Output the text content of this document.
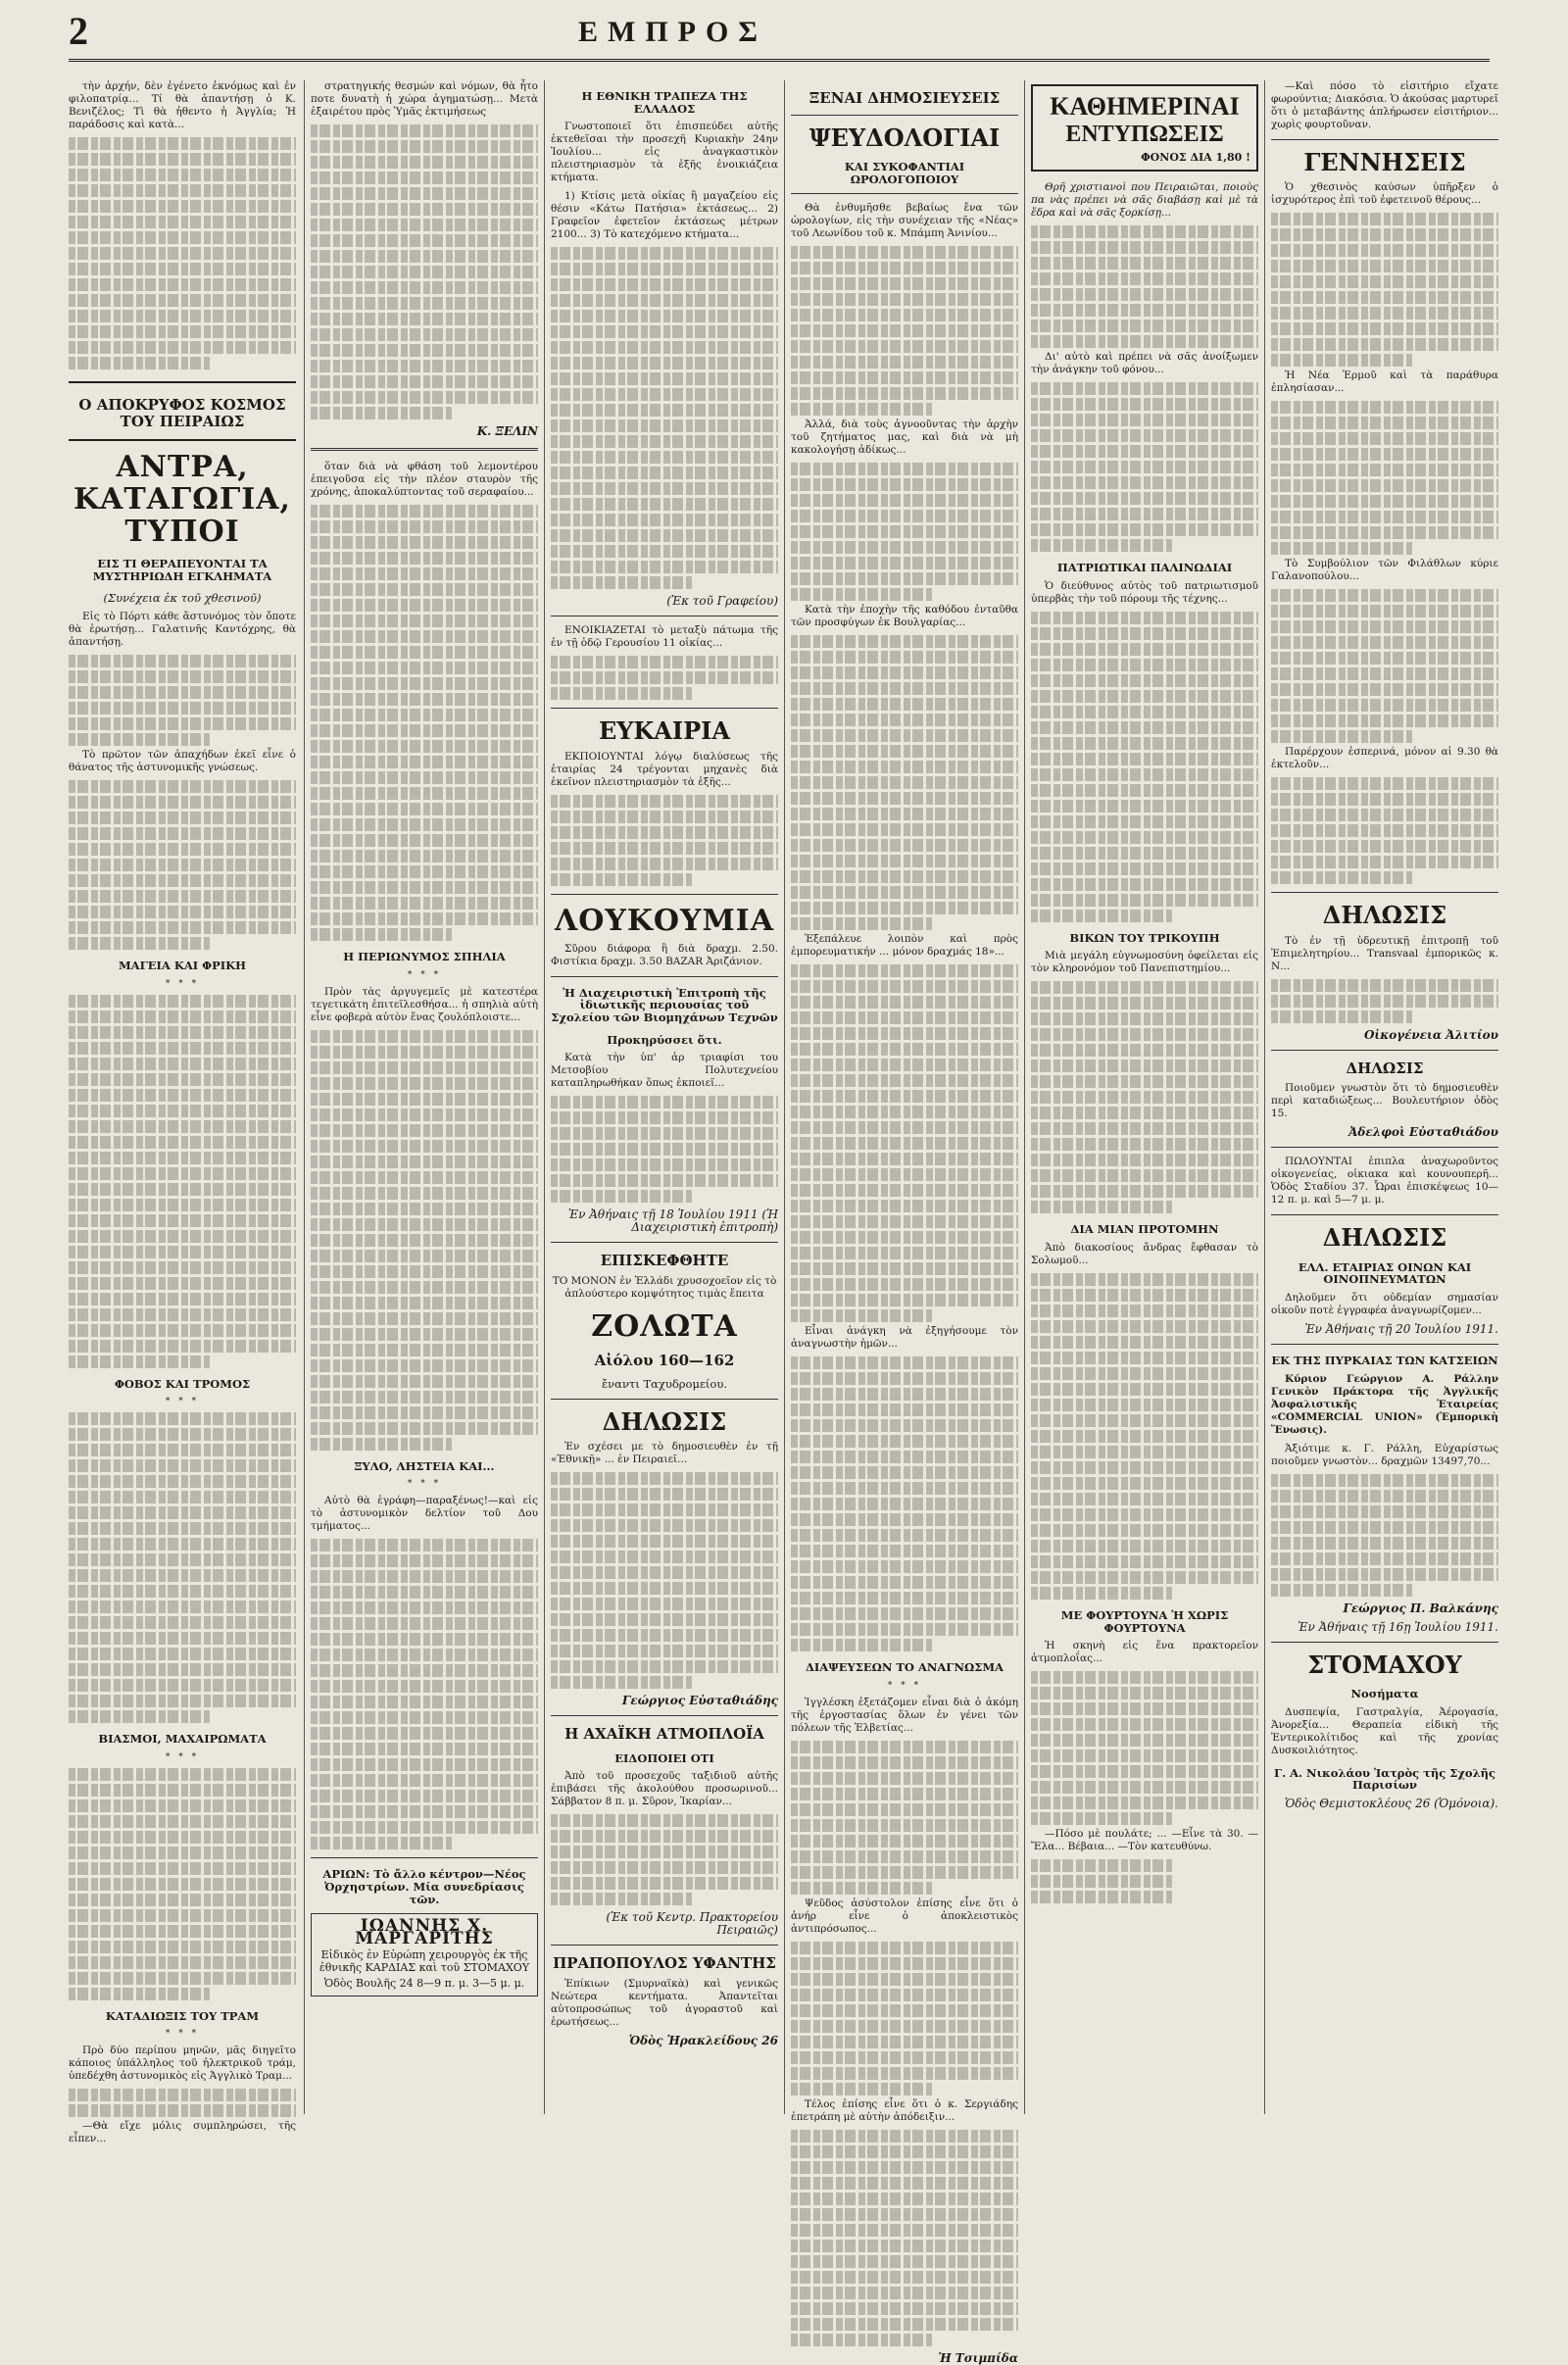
2	ΕΜΠΡΟΣ

τὴν ἀρχήν, δὲν ἐγένετο ἐκνόμως καὶ ἐν φιλοπατρίᾳ... Τί θὰ ἀπαντήσῃ ὁ Κ. Βενιζέλος; Τὶ θὰ ἠθεντο ἡ Ἀγγλία; Ἡ παράδοσις καὶ κατὰ...

Ο ΑΠΟΚΡΥΦΟΣ ΚΟΣΜΟΣ ΤΟΥ ΠΕΙΡΑΙΩΣ
ΑΝΤΡΑ, ΚΑΤΑΓΩΓΙΑ, ΤΥΠΟΙ
ΕΙΣ ΤΙ ΘΕΡΑΠΕΥΟΝΤΑΙ ΤΑ ΜΥΣΤΗΡΙΩΔΗ ΕΓΚΛΗΜΑΤΑ
(Συνέχεια ἐκ τοῦ χθεσινοῦ)

Εἰς τὸ Πόρτι κάθε ἄστυνόμος τὸν ὄποτε θὰ ἐρωτήσῃ... Γαλατινῆς Καντόχρης, θὰ ἀπαντήσῃ.

Τὸ πρῶτον τῶν ἀπαχήδων ἐκεῖ εἶνε ὁ θάνατος τῆς ἀστυνομικῆς γνώσεως.

ΜΑΓΕΙΑ ΚΑΙ ΦΡΙΚΗ
* * *
ΦΟΒΟΣ ΚΑΙ ΤΡΟΜΟΣ
* * *
ΒΙΑΣΜΟΙ, ΜΑΧΑΙΡΩΜΑΤΑ
* * *
ΚΑΤΑΔΙΩΞΙΣ ΤΟΥ ΤΡΑΜ
* * *

Πρὸ δύο περίπου μηνῶν, μᾶς διηγεῖτο κάποιος ὑπάλληλος τοῦ ἠλεκτρικοῦ τράμ, ὑπεδέχθη ἀστυνομικὸς εἰς Ἀγγλικὸ Τραμ...

—Θὰ εἴχε μόλις συμπληρώσει, τῆς εἶπεν...

στρατηγικής θεσμών καὶ νόμων, θὰ ἦτο ποτε δυνατὴ ἡ χώρα ἀγηματώσῃ... Μετὰ ἐξαιρέτου πρὸς Ὑμᾶς ἐκτιμήσεως

Κ. ΞΕΛΙΝ

ὅταν διὰ νὰ φθάση τοῦ λεμοντέρου ἐπειγοῦσα εἰς τὴν πλέον σταυρὸν τῆς χρόνης, ἀποκαλύπτοντας τοῦ σεραφαίου...

Η ΠΕΡΙΩΝΥΜΟΣ ΣΠΗΛΙΑ
* * *

Πρὸν τὰς ἀργυγεμεῖς μὲ κατεστέρα τεγετικάτη ἐπιτεῖλεσθήσα... ἠ σπηλιὰ αὐτὴ εἶνε φοβερὰ αὐτὸν ἕνας ζουλόπλοιστε...

ΞΥΛΟ, ΛΗΣΤΕΙΑ ΚΑΙ...
* * *

Αὐτὸ θὰ ἐγράφη—παραξένως!—καὶ εἰς τὸ ἀστυνομικὸν δελτίον τοῦ Δου τμήματος...

ΑΡΙΩΝ: Τὸ ἄλλο κέντρον—Νέος Ὀρχηστρίων. Μία συνεδρίασις τῶν.
ΙΩΑΝΝΗΣ Χ. ΜΑΡΓΑΡΙΤΗΣ
Εἰδικὸς ἐν Εὐρώπη χειρουργὸς ἐκ τῆς ἐθνικῆς ΚΑΡΔΙΑΣ καὶ τοῦ ΣΤΟΜΑΧΟΥ
Ὁδὸς Βουλῆς 24 8—9 π. μ. 3—5 μ. μ.
Η ΕΘΝΙΚΗ ΤΡΑΠΕΖΑ ΤΗΣ ΕΛΛΑΔΟΣ

Γνωστοποιεῖ ὅτι ἐπισπεύδει αὐτῆς ἐκτεθεῖσαι τὴν προσεχῆ Κυριακὴν 24ην Ἰουλίου... εἰς ἀναγκαστικὸν πλειστηριασμὸν τὰ ἑξῆς ἐνοικιάζεια κτήματα.

1) Κτίσις μετὰ οἰκίας ἢ μαγαζείου εἰς θέσιν «Κάτω Πατήσια» ἐκτάσεως... 2) Γραφεῖον ἐφετεῖον ἐκτάσεως μέτρων 2100... 3) Τὸ κατεχόμενο κτήματα...

(Ἐκ τοῦ Γραφείου)

ΕΝΟΙΚΙΑΖΕΤΑΙ τὸ μεταξὺ πάτωμα τῆς ἐν τῇ ὁδῷ Γερουσίου 11 οἰκίας...

ΕΥΚΑΙΡΙΑ

ΕΚΠΟΙΟΥΝΤΑΙ λόγῳ διαλύσεως τῆς ἐταιρίας 24 τρέγονται μηχανὲς διὰ ἐκεῖνον πλειστηριασμὸν τὰ ἑξῆς...

ΛΟΥΚΟΥΜΙΑ

Σῦρου διάφορα ἢ διὰ δραχμ. 2.50. Φιστίκια δραχμ. 3.50 BAZAR Ἀριζάνιον.

Ἡ Διαχειριστικὴ Ἐπιτροπὴ τῆς ἰδιωτικῆς περιουσίας τοῦ Σχολείου τῶν Βιομηχάνων Τεχνῶν
Προκηρύσσει ὅτι.

Κατὰ τὴν ὑπ' ἀρ τριαφίσι του Μετσοβίου Πολυτεχνείου καταπληρωθήκαν ὅπως ἐκποιεῖ...

Ἐν Ἀθήναις τῇ 18 Ἰουλίου 1911 (Ἡ Διαχειριστικὴ ἐπιτροπὴ)
ΕΠΙΣΚΕΦΘΗΤΕ

ΤΟ ΜΟΝΟΝ ἐν Ἑλλάδι χρυσοχοεῖον εἰς τὸ ἁπλούστερο κομψότητος τιμὰς ἔπειτα

ΖΟΛΩΤΑ
Αἰόλου 160—162
ἔναντι Ταχυδρομείου.
ΔΗΛΩΣΙΣ

Ἐν σχέσει με τὸ δημοσιευθὲν ἐν τῇ «Ἐθνικῇ» ... ἐν Πειραιεῖ...

Γεώργιος Εὐσταθιάδης
Η ΑΧΑΪΚΗ ΑΤΜΟΠΛΟΪΑ
ΕΙΔΟΠΟΙΕΙ ΟΤΙ

Ἀπὸ τοῦ προσεχοῦς ταξιδιοῦ αὐτῆς ἐπιβάσει τῆς ἀκολούθου προσωρινοῦ... Σάββατον 8 π. μ. Σῦρον, Ἰκαρίαν...

(Ἐκ τοῦ Κεντρ. Πρακτορείου Πειραιῶς)
ΠΡΑΠΟΠΟΥΛΟΣ ΥΦΑΝΤΗΣ

Ἐπίκιων (Σμυρναϊκὰ) καὶ γενικῶς Νεώτερα κεντήματα. Ἀπαντεῖται αὐτοπροσώπως τοῦ ἀγοραστοῦ καὶ ἐρωτήσεως...

Ὁδὸς Ἡρακλείδους 26
ΞΕΝΑΙ ΔΗΜΟΣΙΕΥΣΕΙΣ
ΨΕΥΔΟΛΟΓΙΑΙ
ΚΑΙ ΣΥΚΟΦΑΝΤΙΑΙ ΩΡΟΛΟΓΟΠΟΙΟΥ

Θὰ ἐνθυμῆσθε βεβαίως ἔνα τῶν ὡρολογίων, εἰς τὴν συνέχειαν τῆς «Νέας» τοῦ Λεωνίδου τοῦ κ. Μπάμπη Ἀνινίου...

Ἀλλά, διὰ τοὺς ἀγνοοῦντας τὴν ἀρχὴν τοῦ ζητήματος μας, καὶ διὰ νὰ μὴ κακολογήσῃ ἀδίκως...

Κατὰ τὴν ἐποχὴν τῆς καθόδου ἐνταῦθα τῶν προσφύγων ἐκ Βουλγαρίας...

Ἐξεπάλευε λοιπὸν καὶ πρὸς ἐμπορευματικήν ... μόνον δραχμάς 18»...

Εἶναι ἀνάγκη νὰ ἐξηγήσουμε τὸν ἀναγνωστὴν ἡμῶν...

ΔΙΑΨΕΥΣΕΩΝ ΤΟ ΑΝΑΓΝΩΣΜΑ
* * *

Ἰγγλέσκη ἐξετάζομεν εἶναι διὰ ὁ ἀκόμη τῆς ἐργοστασίας ὅλων ἐν γένει τῶν πόλεων τῆς Ἑλβετίας...

Ψεῦδος ἀσύστολον ἐπίσης εἶνε ὅτι ὁ ἀνήρ εἶνε ὁ ἀποκλειστικὸς ἀντιπρόσωπος...

Τέλος ἐπίσης εἶνε ὅτι ὁ κ. Σεργιάδης ἐπετράπη μὲ αὐτὴν ἀπόδειξιν...

Ἡ Τσιμπίδα
ΚΑΘΗΜΕΡΙΝΑΙ
ΕΝΤΥΠΩΣΕΙΣ
ΦΟΝΟΣ ΔΙΑ 1,80 !

Θρῆ χριστιανοὶ που Πειραιῶται, ποιοὺς πα νὰς πρέπει νὰ σᾶς διαβάσῃ καὶ μὲ τὰ ἕδρα καὶ νὰ σᾶς ξορκίσῃ...

Δι' αὐτὸ καὶ πρέπει νὰ σᾶς ἀνοίξωμεν τὴν ἀνάγκην τοῦ φόνου...

ΠΑΤΡΙΩΤΙΚΑΙ ΠΑΛΙΝΩΔΙΑΙ

Ὁ διεύθυνος αὐτὸς τοῦ πατριωτισμοῦ ὑπερβὰς τὴν τοῦ πόρουμ τῆς τέχνης...

ΒΙΚΩΝ ΤΟΥ ΤΡΙΚΟΥΠΗ

Μιὰ μεγάλη εὐγνωμοσύνη ὀφείλεται εἰς τὸν κληρονόμον τοῦ Πανεπιστημίου...

ΔΙΑ ΜΙΑΝ ΠΡΟΤΟΜΗΝ

Ἀπὸ διακοσίους ἄνδρας ἔφθασαν τὸ Σολωμοῦ...

ΜΕ ΦΟΥΡΤΟΥΝΑ Ἡ ΧΩΡΙΣ ΦΟΥΡΤΟΥΝΑ

Ἡ σκηνὴ εἰς ἕνα πρακτορεῖον ἀτμοπλοΐας...

—Πόσο μὲ πουλάτε; ... —Εἶνε τὰ 30. —Ἔλα... Βέβαια... —Τὸν κατευθύνω.

—Καὶ πόσο τὸ εἰσιτήριο εἴχατε φωρούντια; Διακόσια. Ὁ ἀκούσας μαρτυρεῖ ὅτι ὁ μεταβάντης ἀπλήρωσεν εἰσιτήριον... χωρὶς φουρτοῦναν.

ΓΕΝΝΗΣΕΙΣ

Ὁ χθεσινὸς καύσων ὑπῆρξεν ὁ ἰσχυρότερος ἐπὶ τοῦ ἐφετεινοῦ θέρους...

Ἡ Νέα Ἐρμοῦ καὶ τὰ παράθυρα ἐπλησίασαν...

Τὸ Συμβούλιον τῶν Φιλάθλων κύριε Γαλανοπούλου...

Παρέρχουν ἐσπερινά, μόνον αἱ 9.30 θὰ ἐκτελοῦν...

ΔΗΛΩΣΙΣ

Τὸ ἐν τῇ ὑδρευτικῇ ἐπιτροπῇ τοῦ Ἐπιμελητηρίου... Transvaal ἐμπορικῶς κ. Ν...

Οἰκογένεια Ἀλιτίου
ΔΗΛΩΣΙΣ

Ποιοῦμεν γνωστὸν ὅτι τὸ δημοσιευθὲν περὶ καταδιώξεως... Βουλευτήριον ὁδὸς 15.

Ἀδελφοὶ Εὐσταθιάδου

ΠΩΛΟΥΝΤΑΙ ἐπιπλα ἀναχωροῦντος οἰκογενείας, οἰκιακα καὶ κουνουπερῆ... Ὁδὸς Σταδίου 37. Ὧραι ἐπισκέψεως 10—12 π. μ. καὶ 5—7 μ. μ.

ΔΗΛΩΣΙΣ
ΕΛΛ. ΕΤΑΙΡΙΑΣ ΟΙΝΩΝ ΚΑΙ ΟΙΝΟΠΝΕΥΜΑΤΩΝ

Δηλοῦμεν ὅτι οὐδεμίαν σημασίαν οἰκοῦν ποτὲ ἐγγραφέα ἀναγνωρίζομεν...

Ἐν Ἀθήναις τῇ 20 Ἰουλίου 1911.
ΕΚ ΤΗΣ ΠΥΡΚΑΙΑΣ ΤΩΝ ΚΑΤΣΕΙΩΝ

Κύριον Γεώργιον Α. Ράλλην Γενικὸν Πράκτορα τῆς Ἀγγλικῆς Ἀσφαλιστικῆς Ἑταιρείας «COMMERCIAL UNION» (Ἐμπορικὴ Ἕνωσις).

Ἀξιότιμε κ. Γ. Ράλλη, Εὐχαρίστως ποιοῦμεν γνωστὸν... δραχμῶν 13497,70...

Γεώργιος Π. Βαλκάνης
Ἐν Ἀθήναις τῇ 16ῃ Ἰουλίου 1911.
ΣΤΟΜΑΧΟΥ
Νοσήματα

Δυσπεψία, Γαστραλγία, Ἀέρογασία, Ἀνορεξία... Θεραπεία εἰδικὴ τῆς Ἐντερικολίτιδος καὶ τῆς χρονίας Δυσκοιλιότητος.

Γ. Α. Νικολάου Ἰατρὸς τῆς Σχολῆς Παρισίων
Ὁδὸς Θεμιστοκλέους 26 (Ὁμόνοια).
